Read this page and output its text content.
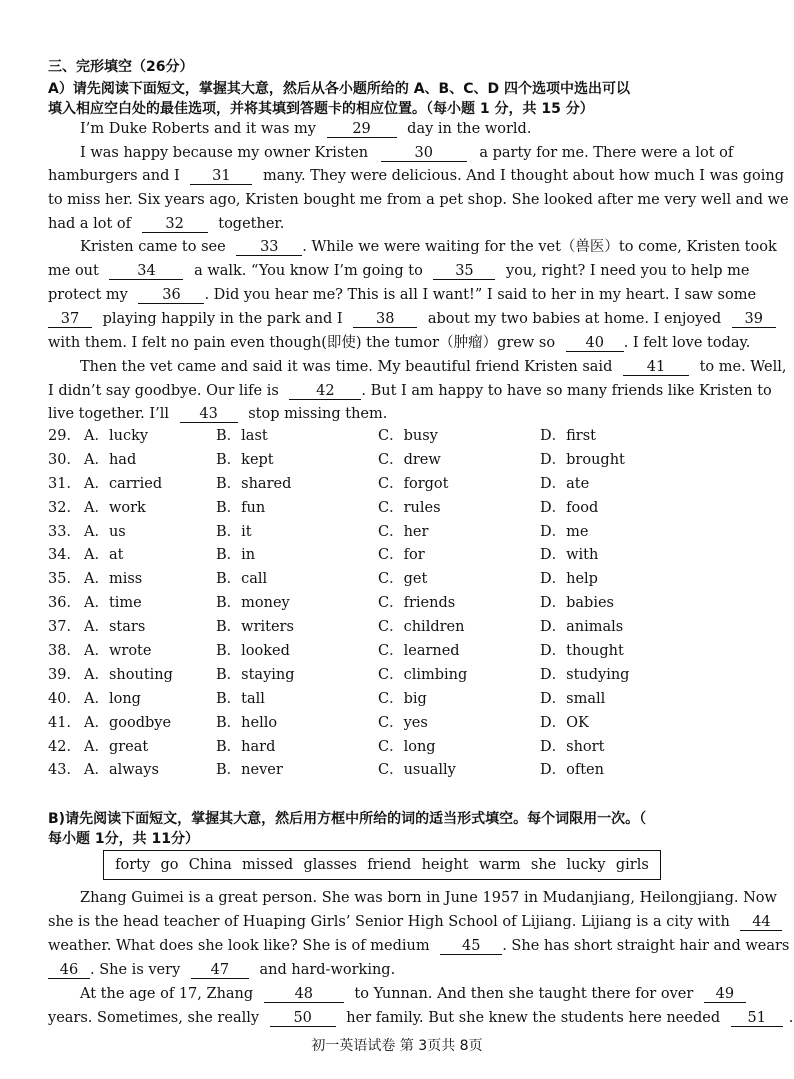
三、完形填空（26分）
A）请先阅读下面短文，掌握其大意，然后从各小题所给的 A、B、C、D 四个选项中选出可以
填入相应空白处的最佳选项，并将其填到答题卡的相应位置。（每小题 1 分，共 15 分）
I’m Duke Roberts and it was my	29	day in the world.
I was happy because my owner Kristen	30	a party for me. There were a lot of
hamburgers and I 31 many. They were delicious. And I thought about how much I was going
to miss her. Six years ago, Kristen bought me from a pet shop. She looked after me very well and we
had a lot of 32 together.
Kristen came to see 33 . While we were waiting for the vet（兽医）to come, Kristen took
me out	34	a walk. “You know I’m going to 35 you, right? I need you to help me
protect my 36 . Did you hear me? This is all I want!” I said to her in my heart. I saw some
37 playing happily in the park and I 38 about my two babies at home. I enjoyed 39
with them. I felt no pain even though(即使) the tumor（肿瘤）grew so 40 . I felt love today.
Then the vet came and said it was time. My beautiful friend Kristen said 41 to me. Well,
I didn’t say goodbye. Our life is	42 . But I am happy to have so many friends like Kristen to
live together. I’ll 43 stop missing them.
29． A．lucky	B．last	C．busy	D．first
30． A．had	B．kept	C．drew	D．brought
31． A．carried	B．shared	C．forgot	D．ate
32． A．work	B．fun	C．rules	D．food
33． A．us	B．it	C．her	D．me
34． A．at	B．in	C．for	D．with
35． A．miss	B．call	C．get	D．help
36． A．time	B．money	C．friends	D．babies
37． A．stars	B．writers	C．children	D．animals
38． A．wrote	B．looked	C．learned	D．thought
39． A．shouting	B．staying	C．climbing	D．studying
40． A．long	B．tall	C．big	D．small
41． A．goodbye	B．hello	C．yes	D．OK
42． A．great	B．hard	C．long	D．short
43． A．always	B．never	C．usually	D．often
B)请先阅读下面短文，掌握其大意，然后用方框中所给的词的适当形式填空。每个词限用一次。（
每小题 1分，共 11分）
forty go China missed glasses friend height warm she lucky girls
Zhang Guimei is a great person. She was born in June 1957 in Mudanjiang, Heilongjiang. Now
she is the head teacher of Huaping Girls’ Senior High School of Lijiang. Lijiang is a city with 44
weather. What does she look like? She is of medium 45 . She has short straight hair and wears
46 . She is very 47 and hard-working.
At the age of 17, Zhang	48	to Yunnan. And then she taught there for over 49
years. Sometimes, she really 50 her family. But she knew the students here needed 51 .
初一英语试卷 第 3页共 8页
